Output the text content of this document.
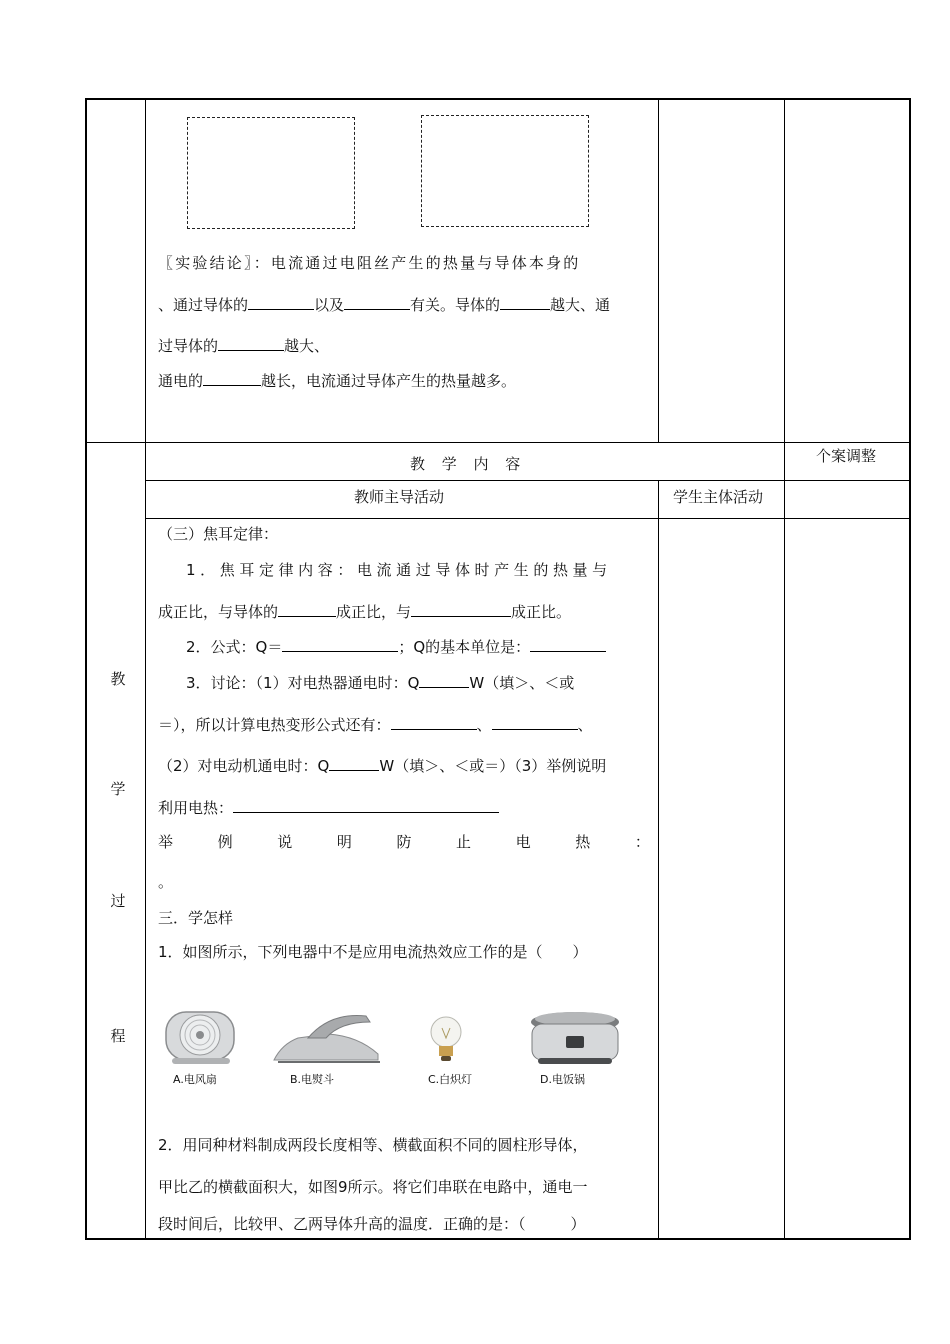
〖实验结论〗：电流通过电阻丝产生的热量与导体本身的
、通过导体的	以及	有关。导体的	越大、通
过导体的	越大、
通电的	越长，电流通过导体产生的热量越多。
教 学 内 容	个案调整
教师主导活动	学生主体活动
教
学
过
程
（三）焦耳定律：
1．焦耳定律内容：电流通过导体时产生的热量与
成正比，与导体的	成正比，与	成正比。
2．公式：Q＝	；Q的基本单位是：
3．讨论：（1）对电热器通电时：Q	W（填＞、＜或
＝），所以计算电热变形公式还有：	、	、
（2）对电动机通电时：Q	W（填＞、＜或＝）（3）举例说明
利用电热：
举	例	说	明	防	止	电	热	：
。
三．学怎样
1．如图所示，下列电器中不是应用电流热效应工作的是（　　）
A.电风扇	B.电熨斗	C.白炽灯	D.电饭锅
2．用同种材料制成两段长度相等、横截面积不同的圆柱形导体，
甲比乙的横截面积大，如图9所示。将它们串联在电路中，通电一
段时间后，比较甲、乙两导体升高的温度．正确的是：（　　　）
